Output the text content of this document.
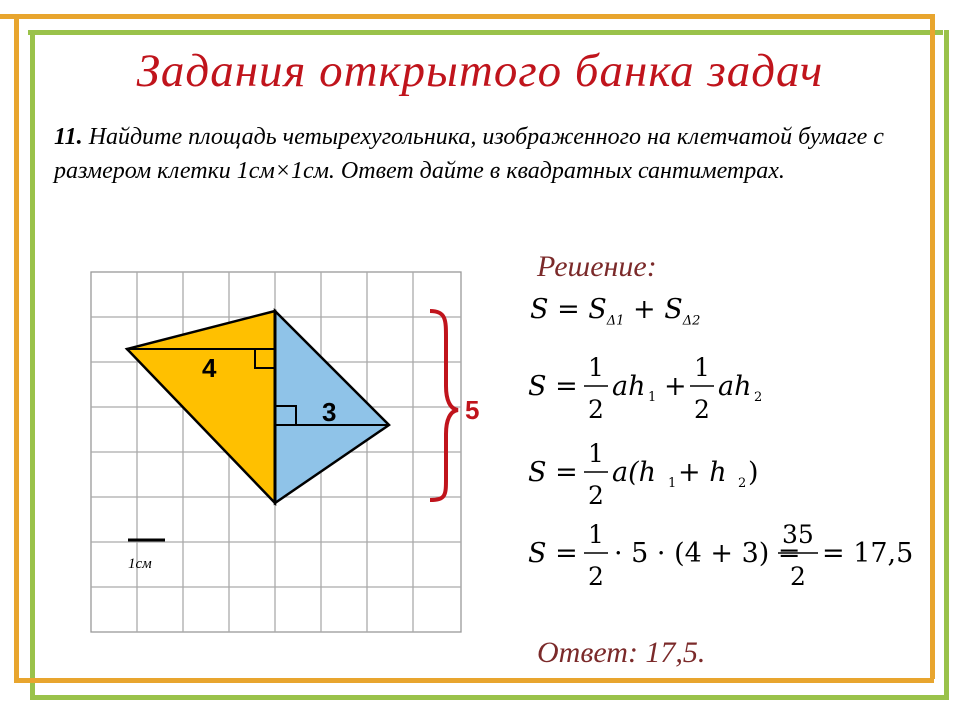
Задания открытого банка задач
11. Найдите площадь четырехугольника, изображенного на клетчатой бумаге с размером клетки 1см×1см. Ответ дайте в квадратных сантиметрах.
4
3
1см
5
Решение:
$S = S_{\Delta 1} + S_{\Delta 2}$
S =
1
2
ah 1 +
1
2
ah 2
S =
1
2
a(h 1 + h 2 )
S =
1
2
· 5 · (4 + 3) =
35
2
= 17,5
Ответ: 17,5.
